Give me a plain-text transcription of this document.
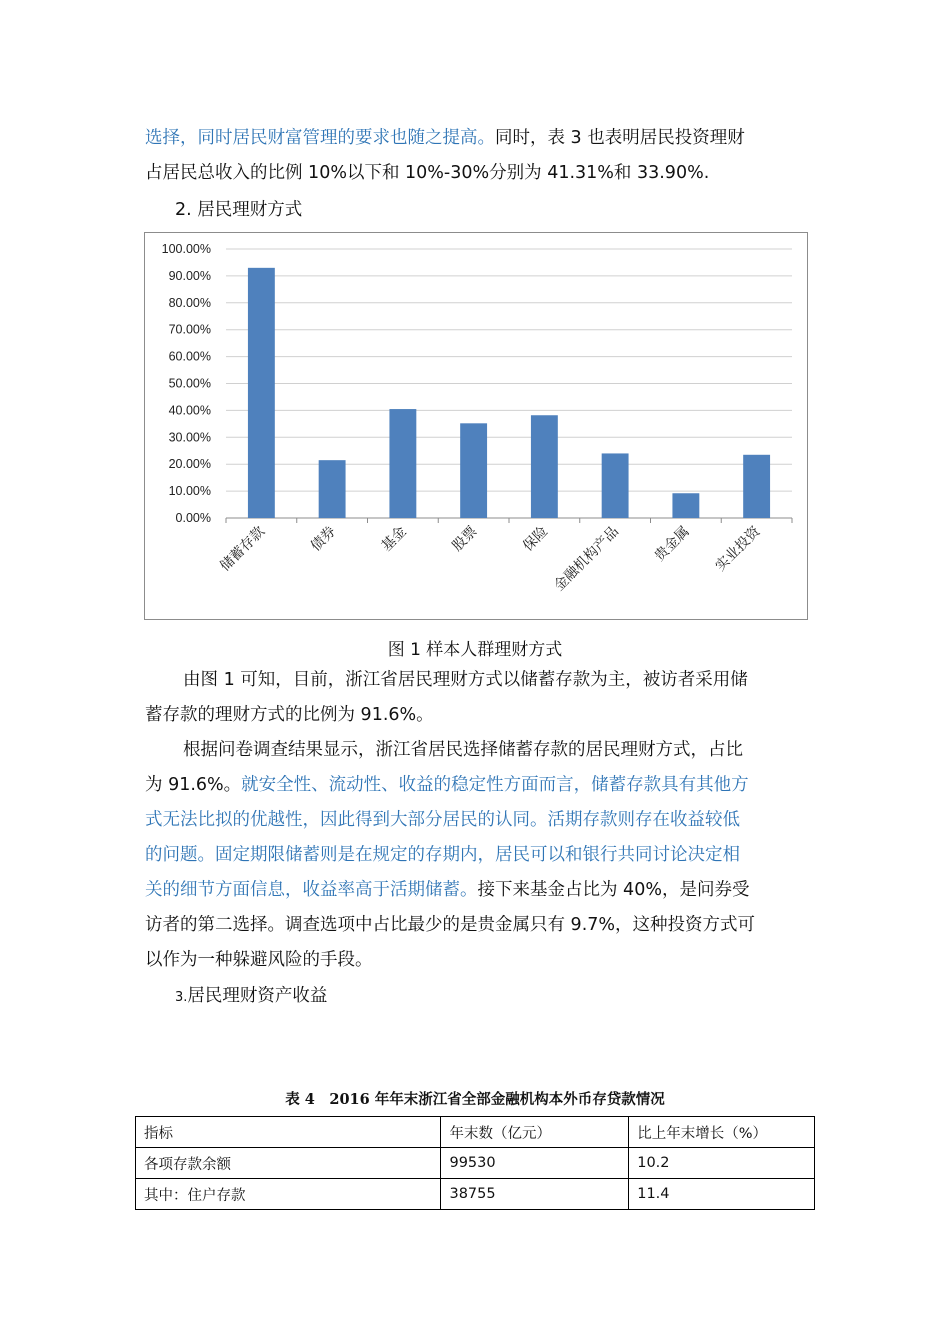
选择，同时居民财富管理的要求也随之提高。同时，表 3 也表明居民投资理财
占居民总收入的比例 10%以下和 10%-30%分别为 41.31%和 33.90%.
2. 居民理财方式
0.00%
10.00%
20.00%
30.00%
40.00%
50.00%
60.00%
70.00%
80.00%
90.00%
100.00%
储蓄存款	债券	基金	股票	保险 金融机构产品 贵金属 实业投资
图 1 样本人群理财方式
由图 1 可知，目前，浙江省居民理财方式以储蓄存款为主，被访者采用储
蓄存款的理财方式的比例为 91.6%。
根据问卷调查结果显示，浙江省居民选择储蓄存款的居民理财方式，占比
为 91.6%。就安全性、流动性、收益的稳定性方面而言，储蓄存款具有其他方
式无法比拟的优越性，因此得到大部分居民的认同。活期存款则存在收益较低
的问题。固定期限储蓄则是在规定的存期内，居民可以和银行共同讨论决定相
关的细节方面信息，收益率高于活期储蓄。接下来基金占比为 40%，是问券受
访者的第二选择。调查选项中占比最少的是贵金属只有 9.7%，这种投资方式可
以作为一种躲避风险的手段。
3.居民理财资产收益
表 4　2016 年年末浙江省全部金融机构本外币存贷款情况
指标	年末数（亿元）	比上年末增长（%）
各项存款余额	99530	10.2
其中：住户存款	38755	11.4
